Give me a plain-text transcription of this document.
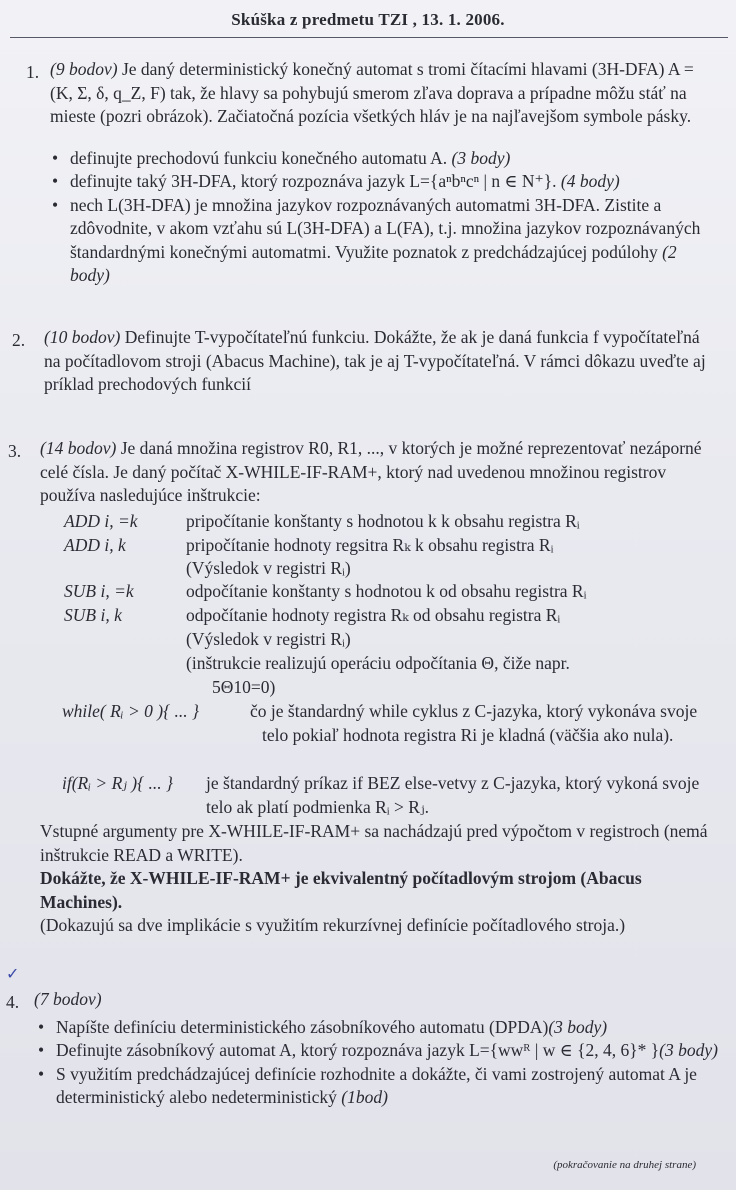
Skúška z predmetu TZI , 13. 1. 2006.
1. (9 bodov) Je daný deterministický konečný automat s tromi čítacími hlavami (3H-DFA) A = (K, Σ, δ, q_Z, F) tak, že hlavy sa pohybujú smerom zľava doprava a prípadne môžu stáť na mieste (pozri obrázok). Začiatočná pozícia všetkých hláv je na najľavejšom symbole pásky.
• definujte prechodovú funkciu konečného automatu A. (3 body)
• definujte taký 3H-DFA, ktorý rozpoznáva jazyk L={aⁿbⁿcⁿ | n ∈ N⁺}. (4 body)
• nech L(3H-DFA) je množina jazykov rozpoznávaných automatmi 3H-DFA. Zistite a zdôvodnite, v akom vzťahu sú L(3H-DFA) a L(FA), t.j. množina jazykov rozpoznávaných štandardnými konečnými automatmi. Využite poznatok z predchádzajúcej podúlohy (2 body)
2. (10 bodov) Definujte T-vypočítateľnú funkciu. Dokážte, že ak je daná funkcia f vypočítateľná na počítadlovom stroji (Abacus Machine), tak je aj T-vypočítateľná. V rámci dôkazu uveďte aj príklad prechodových funkcií
3. (14 bodov) Je daná množina registrov R0, R1, ..., v ktorých je možné reprezentovať nezáporné celé čísla. Je daný počítač X-WHILE-IF-RAM+, ktorý nad uvedenou množinou registrov používa nasledujúce inštrukcie:
ADD i, =k	pripočítanie konštanty s hodnotou k k obsahu registra Rᵢ
ADD i, k	pripočítanie hodnoty regsitra Rₖ k obsahu registra Rᵢ
(Výsledok v registri Rᵢ)
SUB i, =k	odpočítanie konštanty s hodnotou k od obsahu registra Rᵢ
SUB i, k	odpočítanie hodnoty registra Rₖ od obsahu registra Rᵢ
(Výsledok v registri Rᵢ)
(inštrukcie realizujú operáciu odpočítania Θ, čiže napr.
5Θ10=0)
while( Rᵢ > 0 ){ ... }	čo je štandardný while cyklus z C-jazyka, ktorý vykonáva svoje telo pokiaľ hodnota registra Ri je kladná (väčšia ako nula).
if(Rᵢ > Rⱼ ){ ... } je štandardný príkaz if BEZ else-vetvy z C-jazyka, ktorý vykoná svoje telo ak platí podmienka Rᵢ > Rⱼ.
Vstupné argumenty pre X-WHILE-IF-RAM+ sa nachádzajú pred výpočtom v registroch (nemá inštrukcie READ a WRITE).
Dokážte, že X-WHILE-IF-RAM+ je ekvivalentný počítadlovým strojom (Abacus Machines).
(Dokazujú sa dve implikácie s využitím rekurzívnej definície počítadlového stroja.)
✓
4. (7 bodov)
• Napíšte definíciu deterministického zásobníkového automatu (DPDA)(3 body)
• Definujte zásobníkový automat A, ktorý rozpoznáva jazyk L={wwᴿ | w ∈ {2, 4, 6}* }(3 body)
• S využitím predchádzajúcej definície rozhodnite a dokážte, či vami zostrojený automat A je deterministický alebo nedeterministický (1bod)
(pokračovanie na druhej strane)
